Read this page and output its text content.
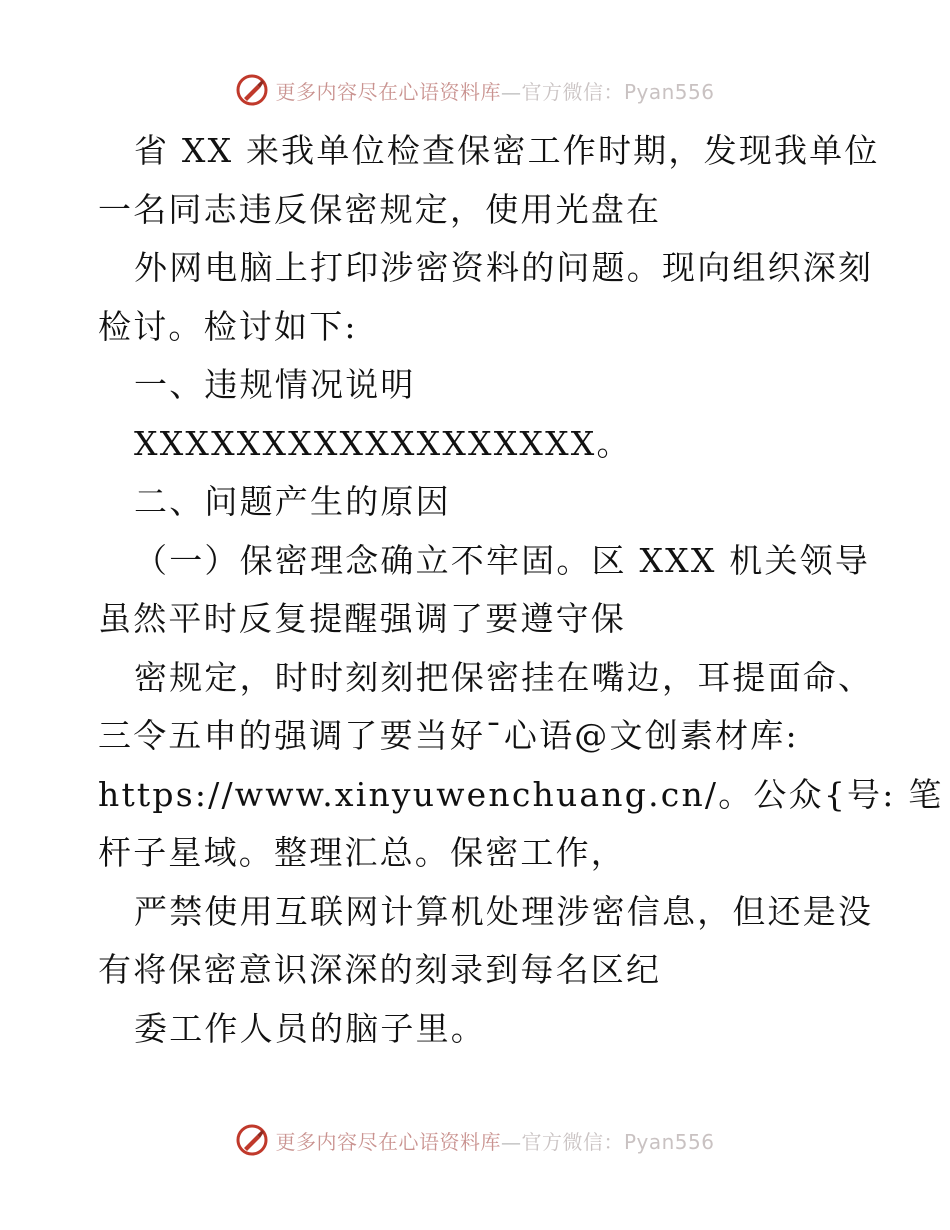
更多内容尽在心语资料库—官方微信：Pyan556

省 XX 来我单位检查保密工作时期，发现我单位

一名同志违反保密规定，使用光盘在

外网电脑上打印涉密资料的问题。现向组织深刻

检讨。检讨如下:

一、违规情况说明

XXXXXXXXXXXXXXXXXX。

二、问题产生的原因

（一）保密理念确立不牢固。区 XXX 机关领导

虽然平时反复提醒强调了要遵守保

密规定，时时刻刻把保密挂在嘴边，耳提面命、

三令五申的强调了要当好¯心语@文创素材库:

https://www.xinyuwenchuang.cn/。公众{号: 笔

杆子星域。整理汇总。保密工作，

严禁使用互联网计算机处理涉密信息，但还是没

有将保密意识深深的刻录到每名区纪

委工作人员的脑子里。

更多内容尽在心语资料库—官方微信：Pyan556
